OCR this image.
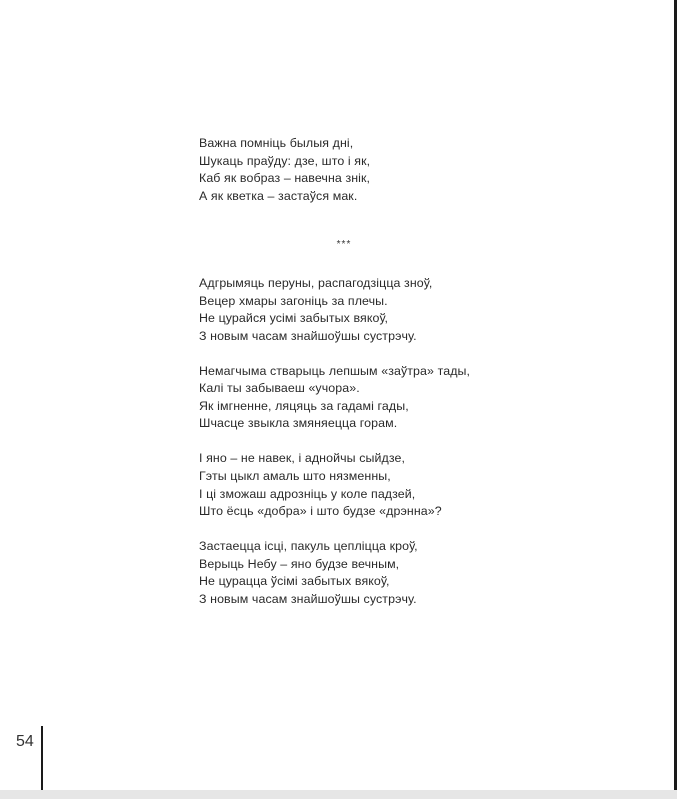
Важна помніць былыя дні,
Шукаць праўду: дзе, што і як,
Каб як вобраз – навечна знік,
А як кветка – застаўся мак.

***

Адгрымяць перуны, распагодзіцца зноў,
Вецер хмары загоніць за плечы.
Не цурайся усімі забытых вякоў,
З новым часам знайшоўшы сустрэчу.

Немагчыма стварыць лепшым «заўтра» тады,
Калі ты забываеш «учора».
Як імгненне, ляцяць за гадамі гады,
Шчасце звыкла змяняецца горам.

І яно – не навек, і аднойчы сыйдзе,
Гэты цыкл амаль што нязменны,
І ці зможаш адрозніць у коле падзей,
Што ёсць «добра» і што будзе «дрэнна»?

Застаецца ісці, пакуль цепліцца кроў,
Верыць Небу – яно будзе вечным,
Не цурацца ўсімі забытых вякоў,
З новым часам знайшоўшы сустрэчу.

54
